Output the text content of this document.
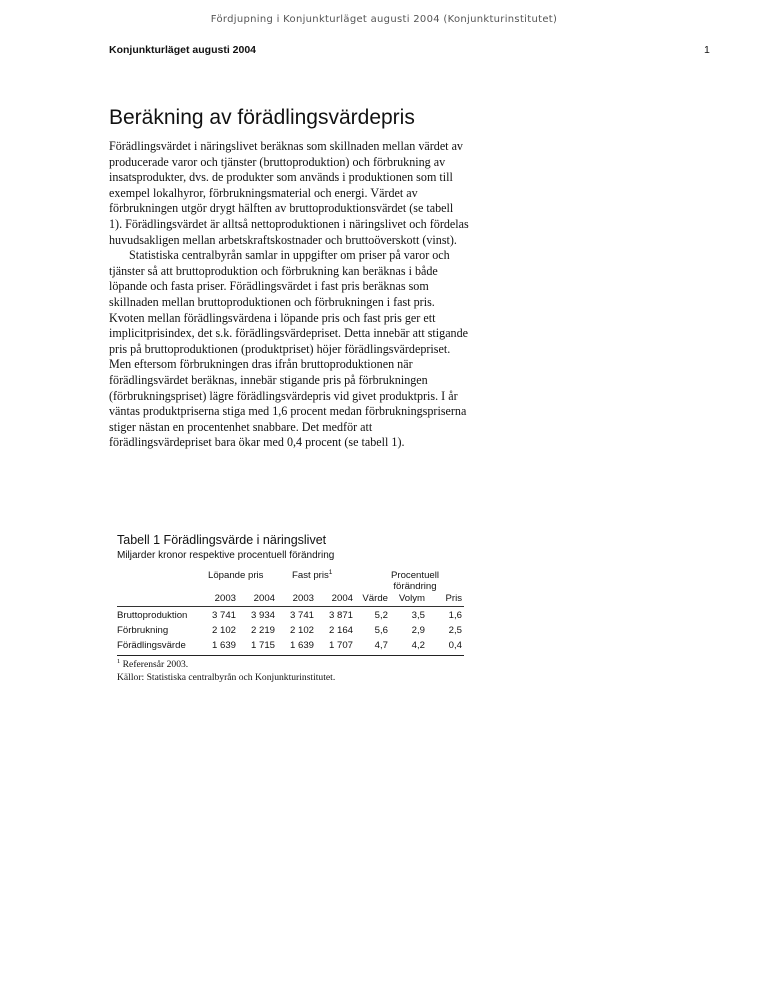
Fördjupning i Konjunkturläget augusti 2004 (Konjunkturinstitutet)
Konjunkturläget augusti 2004	1
Beräkning av förädlingsvärdepris

Förädlingsvärdet i näringslivet beräknas som skillnaden mellan värdet av producerade varor och tjänster (bruttoproduktion) och förbrukning av insatsprodukter, dvs. de produkter som används i produktionen som till exempel lokalhyror, förbrukningsmaterial och energi. Värdet av förbrukningen utgör drygt hälften av bruttoproduktionsvärdet (se tabell 1). Förädlingsvärdet är alltså nettoproduktionen i näringslivet och fördelas huvudsakligen mellan arbetskraftskostnader och bruttoöverskott (vinst).

Statistiska centralbyrån samlar in uppgifter om priser på varor och tjänster så att bruttoproduktion och förbrukning kan beräknas i både löpande och fasta priser. Förädlingsvärdet i fast pris beräknas som skillnaden mellan bruttoproduktionen och förbrukningen i fast pris. Kvoten mellan förädlingsvärdena i löpande pris och fast pris ger ett implicitprisindex, det s.k. förädlingsvärdepriset. Detta innebär att stigande pris på bruttoproduktionen (produktpriset) höjer förädlingsvärdepriset. Men eftersom förbrukningen dras ifrån bruttoproduktionen när förädlingsvärdet beräknas, innebär stigande pris på förbrukningen (förbrukningspriset) lägre förädlingsvärdepris vid givet produktpris. I år väntas produktpriserna stiga med 1,6 procent medan förbrukningspriserna stiger nästan en procentenhet snabbare. Det medför att förädlingsvärdepriset bara ökar med 0,4 procent (se tabell 1).

Tabell 1 Förädlingsvärde i näringslivet
Miljarder kronor respektive procentuell förändring
Löpande pris	Fast pris$^1$	Procentuell
förändring
2003	2004	2003	2004 Värde	Volym	Pris
Bruttoproduktion	3 741	3 934	3 741	3 871	5,2	3,5	1,6
Förbrukning	2 102	2 219	2 102	2 164	5,6	2,9	2,5
Förädlingsvärde	1 639	1 715	1 639	1 707	4,7	4,2	0,4
$^1$ Referensår 2003.
Källor: Statistiska centralbyrån och Konjunkturinstitutet.
